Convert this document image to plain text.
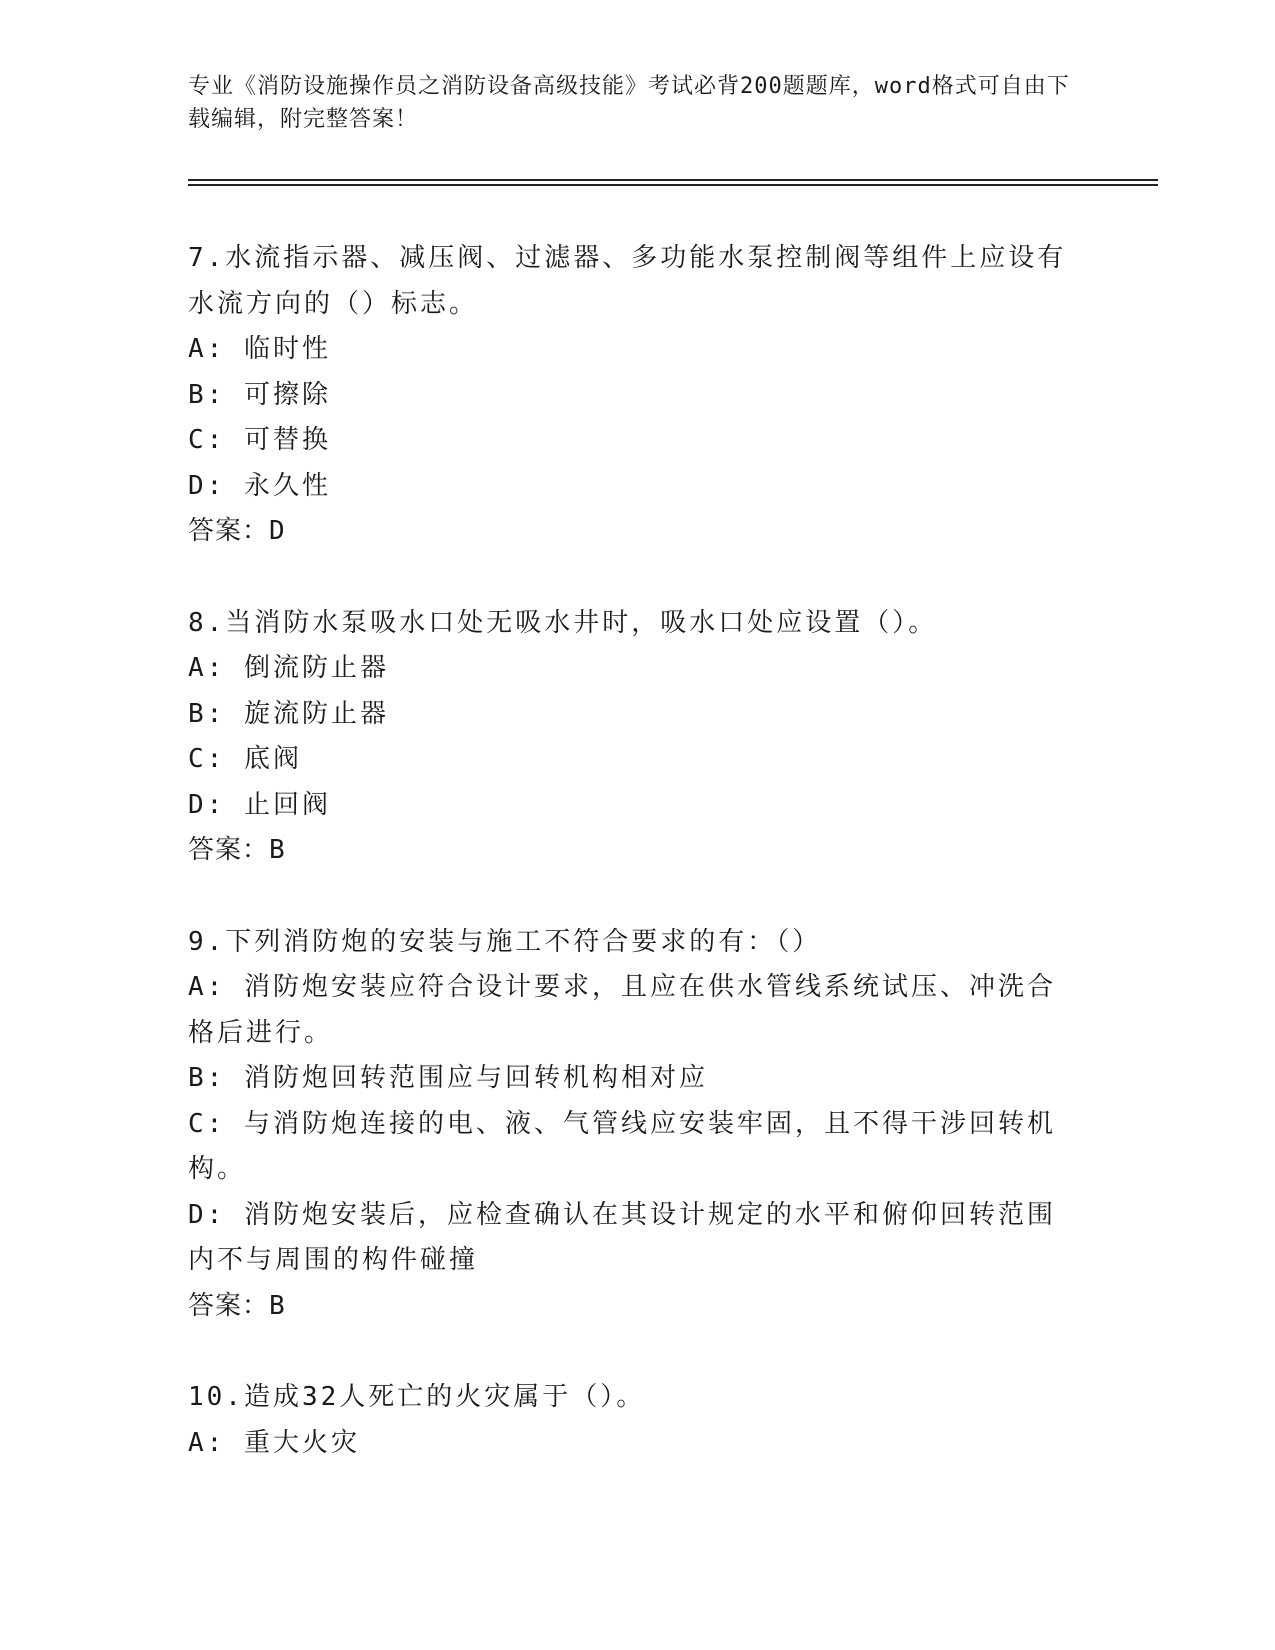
专业《消防设施操作员之消防设备高级技能》考试必背200题题库，word格式可自由下载编辑，附完整答案！

7.水流指示器、减压阀、过滤器、多功能水泵控制阀等组件上应设有水流方向的（）标志。

A: 临时性

B: 可擦除

C: 可替换

D: 永久性

答案：D

8.当消防水泵吸水口处无吸水井时，吸水口处应设置（）。

A: 倒流防止器

B: 旋流防止器

C: 底阀

D: 止回阀

答案：B

9.下列消防炮的安装与施工不符合要求的有：（）

A: 消防炮安装应符合设计要求，且应在供水管线系统试压、冲洗合格后进行。

B: 消防炮回转范围应与回转机构相对应

C: 与消防炮连接的电、液、气管线应安装牢固，且不得干涉回转机构。

D: 消防炮安装后，应检查确认在其设计规定的水平和俯仰回转范围内不与周围的构件碰撞

答案：B

10.造成32人死亡的火灾属于（）。

A: 重大火灾
